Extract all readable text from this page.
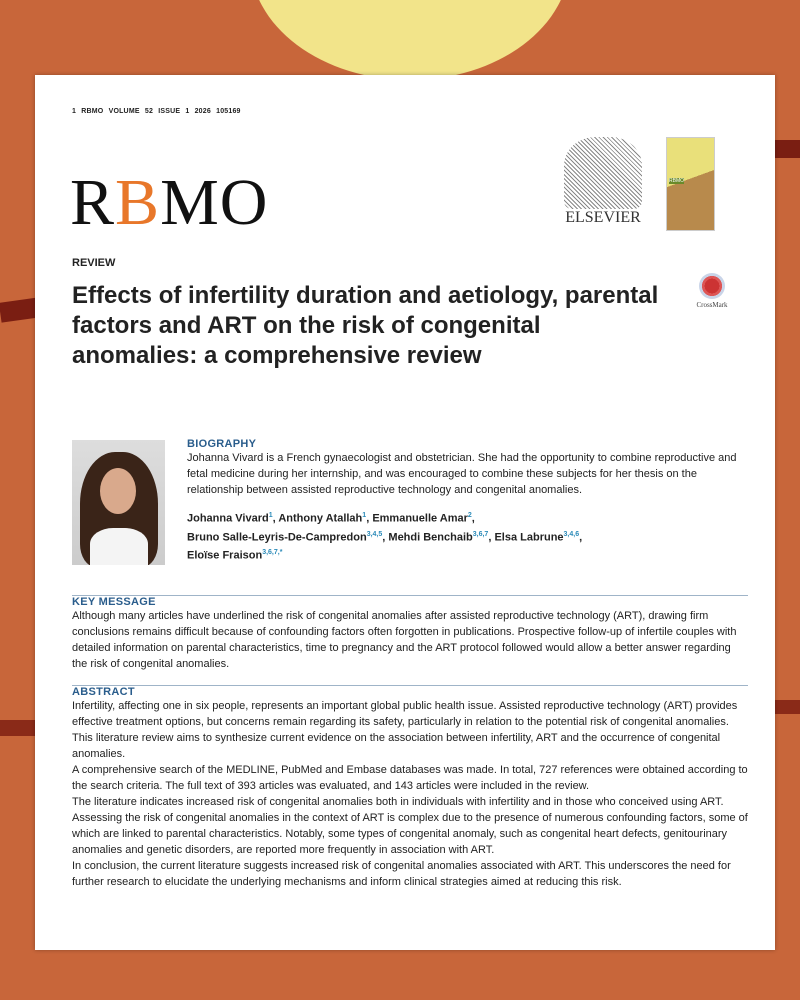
1 RBMO VOLUME 52 ISSUE 1 2026 105169
RBMO	ELSEVIER
RBMO
REVIEW
Effects of infertility duration and aetiology, parental factors and ART on the risk of congenital anomalies: a comprehensive review
CrossMark
BIOGRAPHY

Johanna Vivard is a French gynaecologist and obstetrician. She had the opportunity to combine reproductive and fetal medicine during her internship, and was encouraged to combine these subjects for her thesis on the relationship between assisted reproductive technology and congenital anomalies.

Johanna Vivard$^1$, Anthony Atallah$^1$, Emmanuelle Amar$^2$,
Bruno Salle-Leyris-De-Campredon$^{3,4,5}$, Mehdi Benchaib$^{3,6,7}$, Elsa Labrune$^{3,4,6}$,
Eloïse Fraison$^{3,6,7,*}$
KEY MESSAGE

Although many articles have underlined the risk of congenital anomalies after assisted reproductive technology (ART), drawing firm conclusions remains difficult because of confounding factors often forgotten in publications. Prospective follow-up of infertile couples with detailed information on parental characteristics, time to pregnancy and the ART protocol followed would allow a better answer regarding the risk of congenital anomalies.

ABSTRACT

Infertility, affecting one in six people, represents an important global public health issue. Assisted reproductive technology (ART) provides effective treatment options, but concerns remain regarding its safety, particularly in relation to the potential risk of congenital anomalies. This literature review aims to synthesize current evidence on the association between infertility, ART and the occurrence of congenital anomalies.

A comprehensive search of the MEDLINE, PubMed and Embase databases was made. In total, 727 references were obtained according to the search criteria. The full text of 393 articles was evaluated, and 143 articles were included in the review.

The literature indicates increased risk of congenital anomalies both in individuals with infertility and in those who conceived using ART. Assessing the risk of congenital anomalies in the context of ART is complex due to the presence of numerous confounding factors, some of which are linked to parental characteristics. Notably, some types of congenital anomaly, such as congenital heart defects, genitourinary anomalies and genetic disorders, are reported more frequently in association with ART.

In conclusion, the current literature suggests increased risk of congenital anomalies associated with ART. This underscores the need for further research to elucidate the underlying mechanisms and inform clinical strategies aimed at reducing this risk.
